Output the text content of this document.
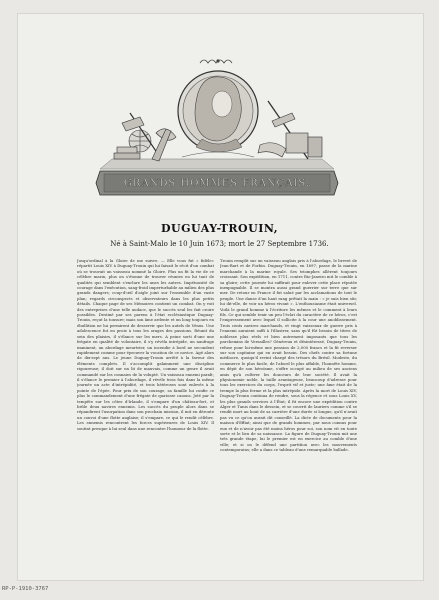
GRANDS HOMMES FRANÇAIS.
DUGUAY-TROUIN,
Né à Saint-Malo le 10 Juin 1673; mort le 27 Septembre 1736.
Jusqu'ordinal à la Gloire de me suivre. — Elle vous fut « fidèle» répartit Louis XIV à Duguay-Trouin qui lui faisait le récit d'un combat où se trouvait un vaisseau nommé la Gloire. Plus un fit la vie de ce célèbre marin, plus on s'étonne de trouver réunies en lui tant de qualités qui semblent s'exclure les unes les autres. Impétuosité de courage dans l'exécution, sang-froid imperturbable au milieu des plus grands dangers; coup-d'œil d'aigle joint sur l'ensemble d'un vaste plan; regards circonspects et observateurs dans les plus petits détails. Chaque page de ses Mémoires contient un combat. On y voit des entreprises d'une telle audace, que le succès seul les fait croire possibles. Destiné par ses parens à l'état ecclésiastique Duguay-Trouin, reçut la tonsure; mais son âme ardente et un long toujours en ébullition ne lui permirent de desservir que les autels de Vénus. Une adolescence fut en proie à tous les orages des passions. Réunit du sein des plaisirs, il s'élance sur les mers. A peine sorti d'une une frégate en qualité de volontaire, il s'y révéla intrépide, un naufrage imminent, un abordage meurtrier, un incendie à bord ne secondent rapidement comme pour éprouver la vocation de ce novice. Agé alors de dix-sept ans. Le jeune Duguay-Trouin arrêté à la faveur des éléments complets. Il s'accomplit galamment une discipline rigoureuse; il doit sur un lit de mauvais, comme un genre il avait commandé sur les connaies de la volupté. Un vaisseau ennemi paraît; il s'élance le premier à l'abordage, il révèle trois fois dans la même journée un acte d'intrépidité, et trois hétéroses sont enlevés à la pointe de l'épée. Pour prix de son courage, sa famille lui confie ce plus le commandement d'une frégate de quatorze canons. Jeté par la tempête sur les côtes d'Irlande, il s'empare d'un château-fort, et brûle deux navires ennemis. Les succès du peuple alors dans se répandirent l'usurpation dans son prochain mission, il mit en déroute un convoi d'une flotte anglaise; il s'empare, ce qui le rendit célèbre. Les ennemis rencontrent les forces supérieures de Louis XIV. Il soutint presque à lui seul dans une rencontre l'honneur de la flotte.
Trouin remplit sur un vaisseau anglais pris à l'abordage, le brevet de Jean-Bart et de Forbin. Duguay-Trouin, en 1697, passe de la marine marchande à la marine royale. Ses triomphes allèrent toujours croissant. Son expédition, en 1711, contre Rio-Janeiro mit le comble à sa gloire; cette journée lui suffirait pour enlever cette place réputée inexpugnable. Il se montra aussi grand guerrier sur terre que sur mer. De retour en France il fut salué par les acclamations de tout le peuple. Une danse d'un haut rang prêtait la main : « je suis bien sûr, lui dit-elle, de voir un héros vivant ». L'enthousiasme était universel. Voilà le grand homme à l'écriture les mêmes et le comment à leurs fils. Ce qui semble tenir un peu l'éclat du caractère de ce héros, c'est l'empressement avec lequel il sollicite à la cour une anoblissement. Trois cents navires marchands, et vingt vaisseaux de guerre pris à l'ennemi auraient suffi à l'illustrer, sans qu'il fût besoin de titres de noblesse plus réels et bien autrement imposants que tous les parchemins de Versailles? Généreux et désintéressé, Duguay-Trouin, refuse pour lui-même une pension de 2,000 francs et la fit reverser sur son capitaine qui en avait besoin. Des chefs contre sa fortune médiocre, quoiqu'il revint chargé des trésors du Brésil. Modeste, du commerce le plus facile, de l'abord le plus affable, l'honnête homme, en dépit de son héroïsme, s'offre occupé au milieu de ses anciens amis qu'à cultiver les douceurs de leur société. Il avait la physionomie noble, la taille avantageuse, beaucoup d'adresse pour tous les exercices du corps, l'esprit vif et juste; une âme était de la trempe la plus ferme et la plus intrépide. Après la mort de Louis XIV, Duguay-Trouin continua de rendre, sous la régence et sous Louis XV, les plus grands services à l'État; il fit encore une expédition contre Alger et Tunis dans le dessein, et se couvrit de lauriers comme s'il se rendit mort au bout de sa carrière d'une durée si longue, qu'il n'avait pas vu ce qu'on aurait dit conseillé. La dicte de documents pour la maison d'Effiat; ainsi que de grands hommes, par nous connus pour eux et de n'avoir pas été moins héros pour soi, son nom vit en toute sorte et le lieu de sa naissance. La figure de Duguay-Trouin mit une très grande étape, lui le premier est en exercice au comble d'une ville; et si on le défend une partition avec les mouvements contemporains; elle a dans ce tableau d'une remarquable ballade.
RP-P-1910-3767
